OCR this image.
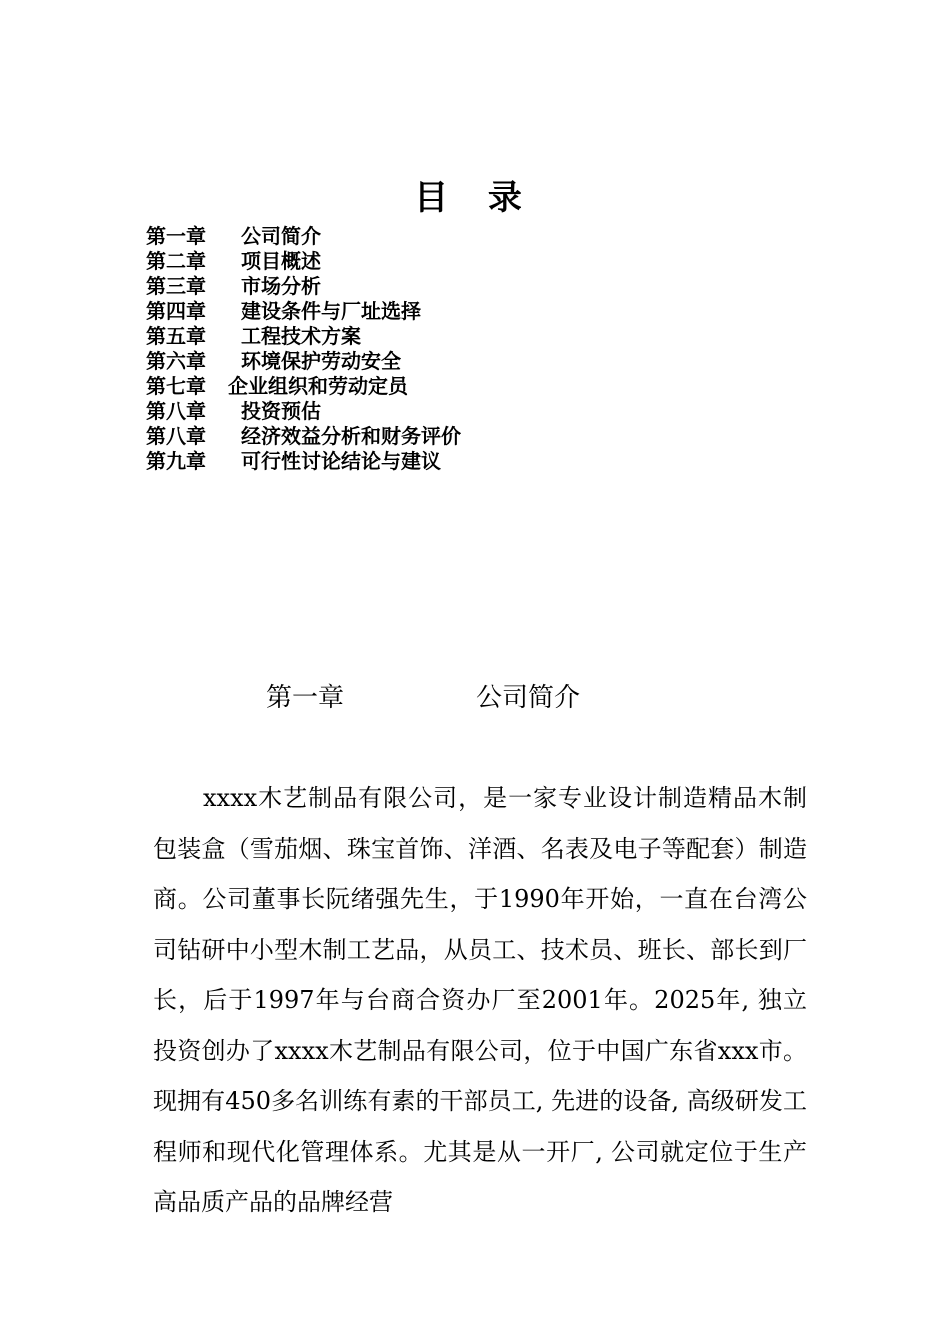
目 录
第一章	公司简介
第二章	项目概述
第三章	市场分析
第四章	建设条件与厂址选择
第五章	工程技术方案
第六章	环境保护劳动安全
第七章	企业组织和劳动定员
第八章	投资预估
第八章	经济效益分析和财务评价
第九章	可行性讨论结论与建议
第一章	公司简介

xxxx木艺制品有限公司，是一家专业设计制造精品木制包装盒（雪茄烟、珠宝首饰、洋酒、名表及电子等配套）制造商。公司董事长阮绪强先生，于1990年开始，一直在台湾公司钻研中小型木制工艺品，从员工、技术员、班长、部长到厂长，后于1997年与台商合资办厂至2001年。2025年, 独立投资创办了xxxx木艺制品有限公司，位于中国广东省xxx市。现拥有450多名训练有素的干部员工, 先进的设备, 高级研发工程师和现代化管理体系。尤其是从一开厂, 公司就定位于生产高品质产品的品牌经营
